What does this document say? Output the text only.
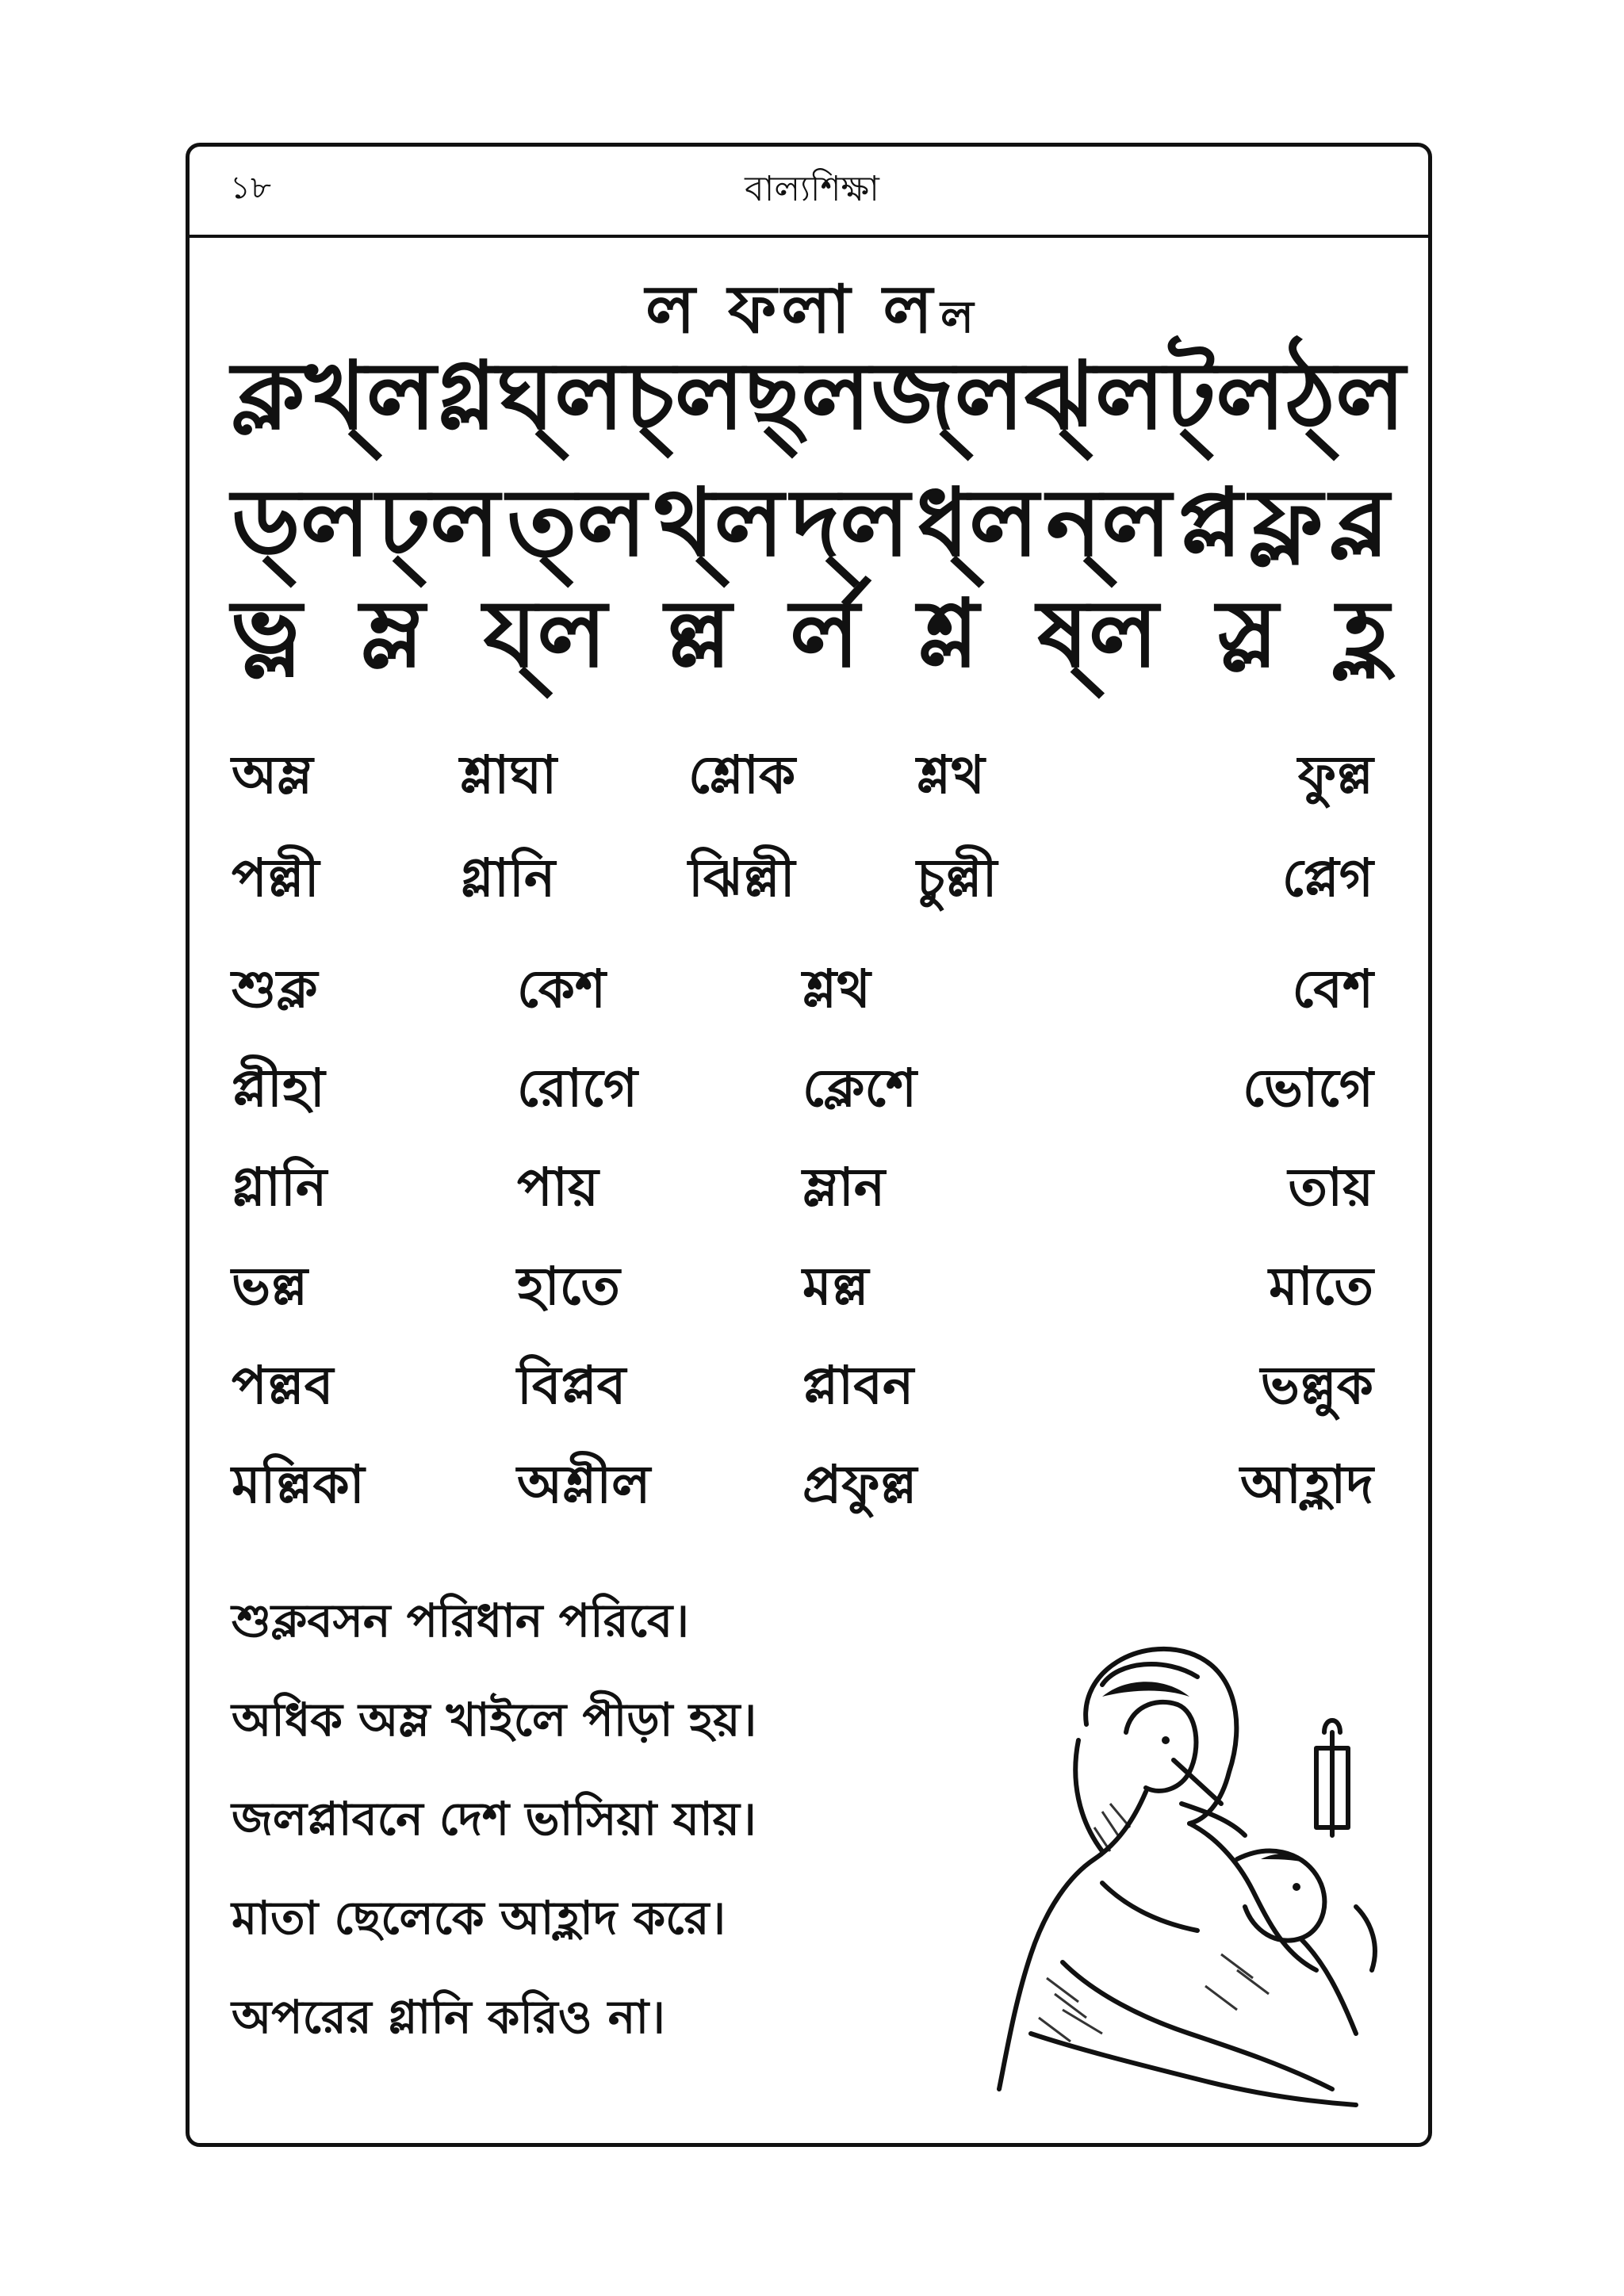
১৮	বাল্যশিক্ষা
ল ফলা লল
ক্ল খ্ল গ্ল ঘ্ল চ্ল ছ্ল জ্ল ঝ্ল ট্ল ঠ্ল
ড্ল ঢ্ল ত্ল থ্ল দ্ল ধ্ল ন্ল প্ল ফ্ল ব্ল
ভ্ল ম্ল য্ল ল্ল র্ল শ্ল ষ্ল স্ল হ্ল
অম্ল	শ্লাঘা	শ্লোক	শ্লথ	ফুল্ল
পল্লী	গ্লানি	ঝিল্লী	চুল্লী	প্লেগ
শুক্ল	কেশ	শ্লথ	বেশ
প্লীহা	রোগে	ক্লেশে	ভোগে
গ্লানি	পায়	ম্লান	তায়
ভল্ল	হাতে	মল্ল	মাতে
পল্লব	বিপ্লব	প্লাবন	ভল্লুক
মল্লিকা	অশ্লীল	প্রফুল্ল	আহ্লাদ
শুক্লবসন পরিধান পরিবে।
অধিক অম্ল খাইলে পীড়া হয়।
জলপ্লাবনে দেশ ভাসিয়া যায়।
মাতা ছেলেকে আহ্লাদ করে।
অপরের গ্লানি করিও না।
